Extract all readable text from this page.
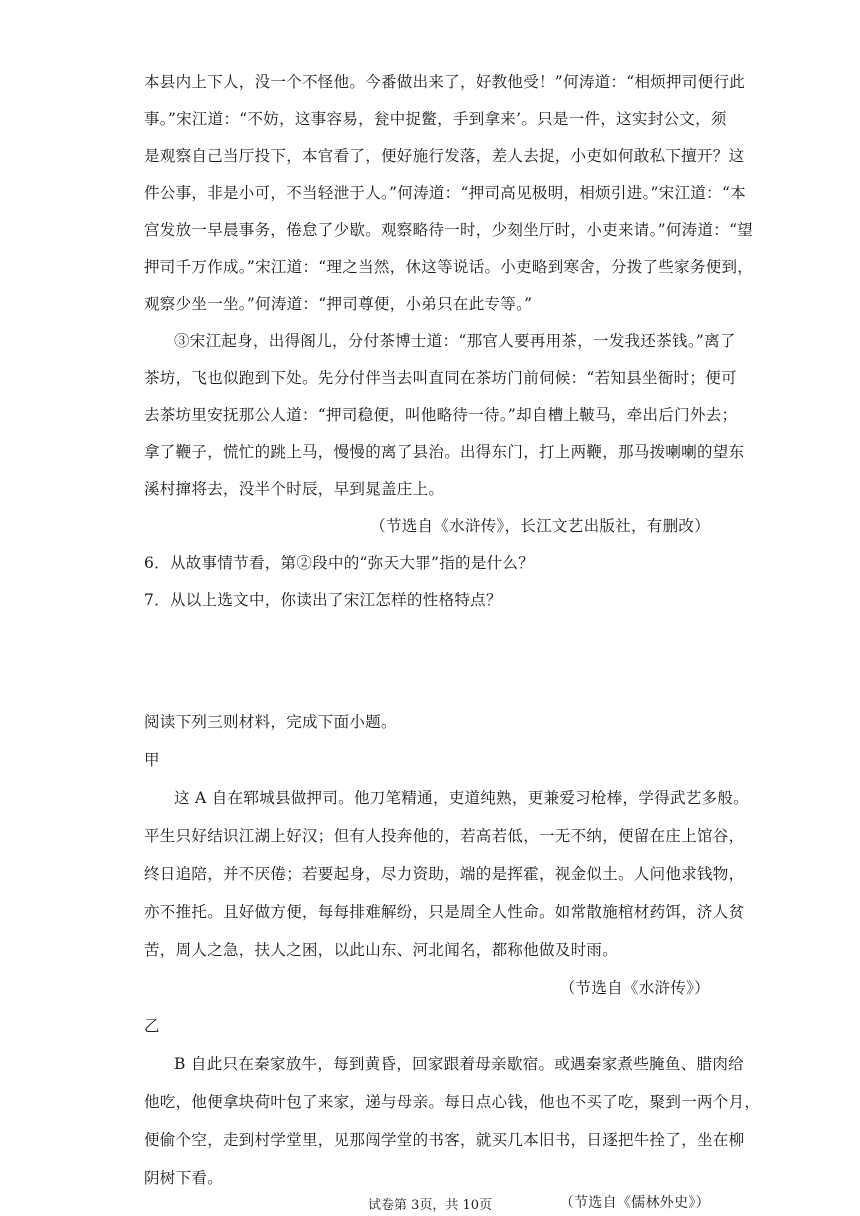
本县内上下人，没一个不怪他。今番做出来了，好教他受！”何涛道：“相烦押司便行此
事。”宋江道：“不妨，这事容易，瓮中捉鳖，手到拿来’。只是一件，这实封公文，须
是观察自己当厅投下，本官看了，便好施行发落，差人去捉，小吏如何敢私下擅开？这
件公事，非是小可，不当轻泄于人。”何涛道：“押司高见极明，相烦引进。”宋江道：“本
宫发放一早晨事务，倦怠了少歇。观察略待一时，少刻坐厅时，小吏来请。”何涛道：“望
押司千万作成。”宋江道：“理之当然，休这等说话。小吏略到寒舍，分拨了些家务便到，
观察少坐一坐。”何涛道：“押司尊便，小弟只在此专等。”
③宋江起身，出得阁儿，分付茶博士道：“那官人要再用茶，一发我还茶钱。”离了
茶坊，飞也似跑到下处。先分付伴当去叫直同在茶坊门前伺候：“若知县坐衙时；便可
去茶坊里安抚那公人道：“押司稳便，叫他略待一待。”却自槽上鞁马，牵出后门外去；
拿了鞭子，慌忙的跳上马，慢慢的离了县治。出得东门，打上两鞭，那马拨喇喇的望东
溪村撺将去，没半个时辰，早到晁盖庄上。
（节选自《水浒传》，长江文艺出版社，有删改）
6．从故事情节看，第②段中的“弥天大罪”指的是什么？
7．从以上选文中，你读出了宋江怎样的性格特点？
阅读下列三则材料，完成下面小题。
甲
这 A 自在郓城县做押司。他刀笔精通，吏道纯熟，更兼爱习枪棒，学得武艺多般。
平生只好结识江湖上好汉；但有人投奔他的，若高若低，一无不纳，便留在庄上馆谷，
终日追陪，并不厌倦；若要起身，尽力资助，端的是挥霍，视金似土。人问他求钱物，
亦不推托。且好做方便，每每排难解纷，只是周全人性命。如常散施棺材药饵，济人贫
苦，周人之急，扶人之困，以此山东、河北闻名，都称他做及时雨。
（节选自《水浒传》）
乙
B 自此只在秦家放牛，每到黄昏，回家跟着母亲歇宿。或遇秦家煮些腌鱼、腊肉给
他吃，他便拿块荷叶包了来家，递与母亲。每日点心钱，他也不买了吃，聚到一两个月，
便偷个空，走到村学堂里，见那闯学堂的书客，就买几本旧书，日逐把牛拴了，坐在柳
阴树下看。
（节选自《儒林外史》）
试卷第 3页，共 10页
